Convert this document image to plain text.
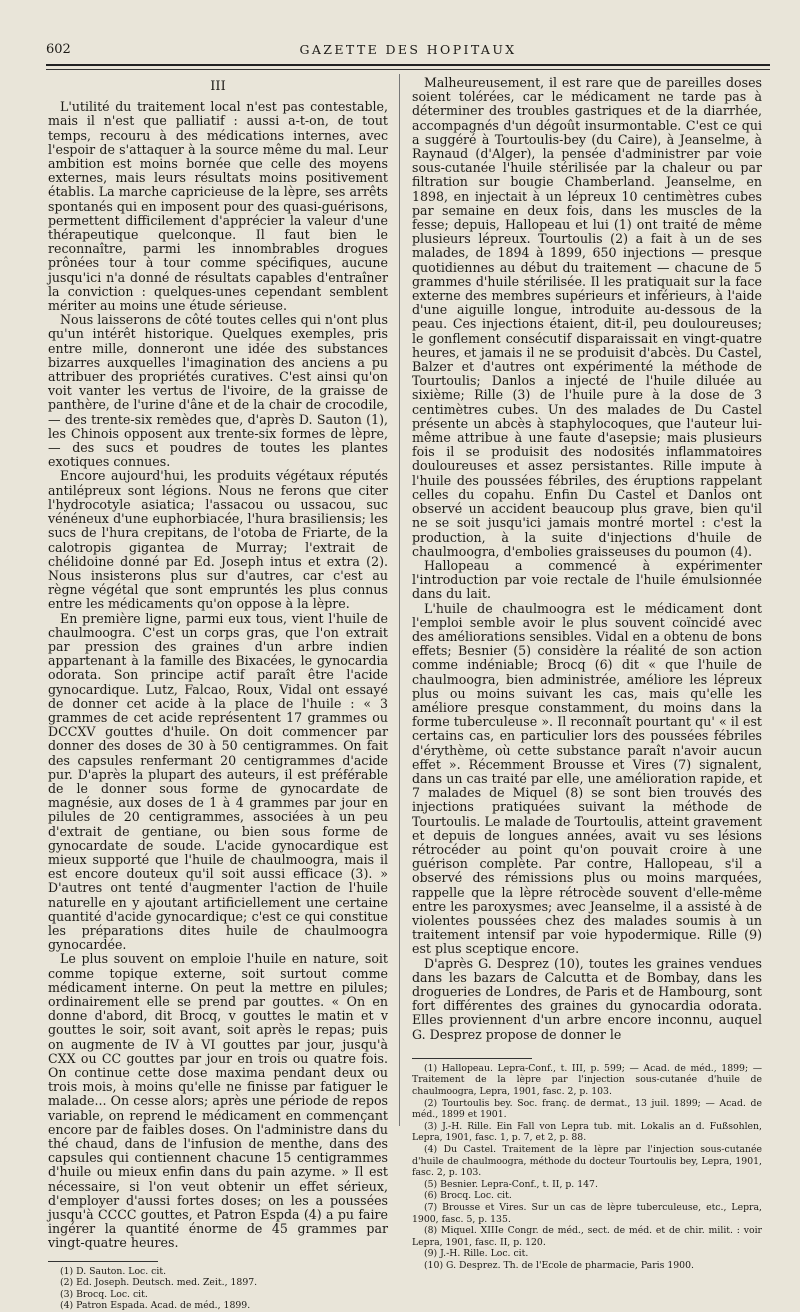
602	GAZETTE DES HOPITAUX
III

L'utilité du traitement local n'est pas contestable, mais il n'est que palliatif : aussi a-t-on, de tout temps, recouru à des médications internes, avec l'espoir de s'attaquer à la source même du mal. Leur ambition est moins bornée que celle des moyens externes, mais leurs résultats moins positivement établis. La marche capricieuse de la lèpre, ses arrêts spontanés qui en imposent pour des quasi-guérisons, permettent difficilement d'apprécier la valeur d'une thérapeutique quelconque. Il faut bien le reconnaître, parmi les innombrables drogues prônées tour à tour comme spécifiques, aucune jusqu'ici n'a donné de résultats capables d'entraîner la conviction : quelques-unes cependant semblent mériter au moins une étude sérieuse.

Nous laisserons de côté toutes celles qui n'ont plus qu'un intérêt historique. Quelques exemples, pris entre mille, donneront une idée des substances bizarres auxquelles l'imagination des anciens a pu attribuer des propriétés curatives. C'est ainsi qu'on voit vanter les vertus de l'ivoire, de la graisse de panthère, de l'urine d'âne et de la chair de crocodile, — des trente-six remèdes que, d'après D. Sauton (1), les Chinois opposent aux trente-six formes de lèpre, — des sucs et poudres de toutes les plantes exotiques connues.

Encore aujourd'hui, les produits végétaux réputés antilépreux sont légions. Nous ne ferons que citer l'hydrocotyle asiatica; l'assacou ou ussacou, suc vénéneux d'une euphorbiacée, l'hura brasiliensis; les sucs de l'hura crepitans, de l'otoba de Friarte, de la calotropis gigantea de Murray; l'extrait de chélidoine donné par Ed. Joseph intus et extra (2). Nous insisterons plus sur d'autres, car c'est au règne végétal que sont empruntés les plus connus entre les médicaments qu'on oppose à la lèpre.

En première ligne, parmi eux tous, vient l'huile de chaulmoogra. C'est un corps gras, que l'on extrait par pression des graines d'un arbre indien appartenant à la famille des Bixacées, le gynocardia odorata. Son principe actif paraît être l'acide gynocardique. Lutz, Falcao, Roux, Vidal ont essayé de donner cet acide à la place de l'huile : « 3 grammes de cet acide représentent 17 grammes ou DCCXV gouttes d'huile. On doit commencer par donner des doses de 30 à 50 centigrammes. On fait des capsules renfermant 20 centigrammes d'acide pur. D'après la plupart des auteurs, il est préférable de le donner sous forme de gynocardate de magnésie, aux doses de 1 à 4 grammes par jour en pilules de 20 centigrammes, associées à un peu d'extrait de gentiane, ou bien sous forme de gynocardate de soude. L'acide gynocardique est mieux supporté que l'huile de chaulmoogra, mais il est encore douteux qu'il soit aussi efficace (3). » D'autres ont tenté d'augmenter l'action de l'huile naturelle en y ajoutant artificiellement une certaine quantité d'acide gynocardique; c'est ce qui constitue les préparations dites huile de chaulmoogra gynocardée.

Le plus souvent on emploie l'huile en nature, soit comme topique externe, soit surtout comme médicament interne. On peut la mettre en pilules; ordinairement elle se prend par gouttes. « On en donne d'abord, dit Brocq, v gouttes le matin et v gouttes le soir, soit avant, soit après le repas; puis on augmente de IV à VI gouttes par jour, jusqu'à CXX ou CC gouttes par jour en trois ou quatre fois. On continue cette dose maxima pendant deux ou trois mois, à moins qu'elle ne finisse par fatiguer le malade... On cesse alors; après une période de repos variable, on reprend le médicament en commençant encore par de faibles doses. On l'administre dans du thé chaud, dans de l'infusion de menthe, dans des capsules qui contiennent chacune 15 centigrammes d'huile ou mieux enfin dans du pain azyme. » Il est nécessaire, si l'on veut obtenir un effet sérieux, d'employer d'aussi fortes doses; on les a poussées jusqu'à CCCC gouttes, et Patron Espda (4) a pu faire ingérer la quantité énorme de 45 grammes par vingt-quatre heures.

(1) D. Sauton. Loc. cit.

(2) Ed. Joseph. Deutsch. med. Zeit., 1897.

(3) Brocq. Loc. cit.

(4) Patron Espada. Acad. de méd., 1899.

Malheureusement, il est rare que de pareilles doses soient tolérées, car le médicament ne tarde pas à déterminer des troubles gastriques et de la diarrhée, accompagnés d'un dégoût insurmontable. C'est ce qui a suggéré à Tourtoulis-bey (du Caire), à Jeanselme, à Raynaud (d'Alger), la pensée d'administrer par voie sous-cutanée l'huile stérilisée par la chaleur ou par filtration sur bougie Chamberland. Jeanselme, en 1898, en injectait à un lépreux 10 centimètres cubes par semaine en deux fois, dans les muscles de la fesse; depuis, Hallopeau et lui (1) ont traité de même plusieurs lépreux. Tourtoulis (2) a fait à un de ses malades, de 1894 à 1899, 650 injections — presque quotidiennes au début du traitement — chacune de 5 grammes d'huile stérilisée. Il les pratiquait sur la face externe des membres supérieurs et inférieurs, à l'aide d'une aiguille longue, introduite au-dessous de la peau. Ces injections étaient, dit-il, peu douloureuses; le gonflement consécutif disparaissait en vingt-quatre heures, et jamais il ne se produisit d'abcès. Du Castel, Balzer et d'autres ont expérimenté la méthode de Tourtoulis; Danlos a injecté de l'huile diluée au sixième; Rille (3) de l'huile pure à la dose de 3 centimètres cubes. Un des malades de Du Castel présente un abcès à staphylocoques, que l'auteur lui-même attribue à une faute d'asepsie; mais plusieurs fois il se produisit des nodosités inflammatoires douloureuses et assez persistantes. Rille impute à l'huile des poussées fébriles, des éruptions rappelant celles du copahu. Enfin Du Castel et Danlos ont observé un accident beaucoup plus grave, bien qu'il ne se soit jusqu'ici jamais montré mortel : c'est la production, à la suite d'injections d'huile de chaulmoogra, d'embolies graisseuses du poumon (4).

Hallopeau a commencé à expérimenter l'introduction par voie rectale de l'huile émulsionnée dans du lait.

L'huile de chaulmoogra est le médicament dont l'emploi semble avoir le plus souvent coïncidé avec des améliorations sensibles. Vidal en a obtenu de bons effets; Besnier (5) considère la réalité de son action comme indéniable; Brocq (6) dit « que l'huile de chaulmoogra, bien administrée, améliore les lépreux plus ou moins suivant les cas, mais qu'elle les améliore presque constamment, du moins dans la forme tuberculeuse ». Il reconnaît pourtant qu' « il est certains cas, en particulier lors des poussées fébriles d'érythème, où cette substance paraît n'avoir aucun effet ». Récemment Brousse et Vires (7) signalent, dans un cas traité par elle, une amélioration rapide, et 7 malades de Miquel (8) se sont bien trouvés des injections pratiquées suivant la méthode de Tourtoulis. Le malade de Tourtoulis, atteint gravement et depuis de longues années, avait vu ses lésions rétrocéder au point qu'on pouvait croire à une guérison complète. Par contre, Hallopeau, s'il a observé des rémissions plus ou moins marquées, rappelle que la lèpre rétrocède souvent d'elle-même entre les paroxysmes; avec Jeanselme, il a assisté à de violentes poussées chez des malades soumis à un traitement intensif par voie hypodermique. Rille (9) est plus sceptique encore.

D'après G. Desprez (10), toutes les graines vendues dans les bazars de Calcutta et de Bombay, dans les drogueries de Londres, de Paris et de Hambourg, sont fort différentes des graines du gynocardia odorata. Elles proviennent d'un arbre encore inconnu, auquel G. Desprez propose de donner le

(1) Hallopeau. Lepra-Conf., t. III, p. 599; — Acad. de méd., 1899; — Traitement de la lèpre par l'injection sous-cutanée d'huile de chaulmoogra, Lepra, 1901, fasc. 2, p. 103.

(2) Tourtoulis bey. Soc. franç. de dermat., 13 juil. 1899; — Acad. de méd., 1899 et 1901.

(3) J.-H. Rille. Ein Fall von Lepra tub. mit. Lokalis an d. Fußsohlen, Lepra, 1901, fasc. 1, p. 7, et 2, p. 88.

(4) Du Castel. Traitement de la lèpre par l'injection sous-cutanée d'huile de chaulmoogra, méthode du docteur Tourtoulis bey, Lepra, 1901, fasc. 2, p. 103.

(5) Besnier. Lepra-Conf., t. II, p. 147.

(6) Brocq. Loc. cit.

(7) Brousse et Vires. Sur un cas de lèpre tuberculeuse, etc., Lepra, 1900, fasc. 5, p. 135.

(8) Miquel. XIIIe Congr. de méd., sect. de méd. et de chir. milit. : voir Lepra, 1901, fasc. II, p. 120.

(9) J.-H. Rille. Loc. cit.

(10) G. Desprez. Th. de l'Ecole de pharmacie, Paris 1900.
